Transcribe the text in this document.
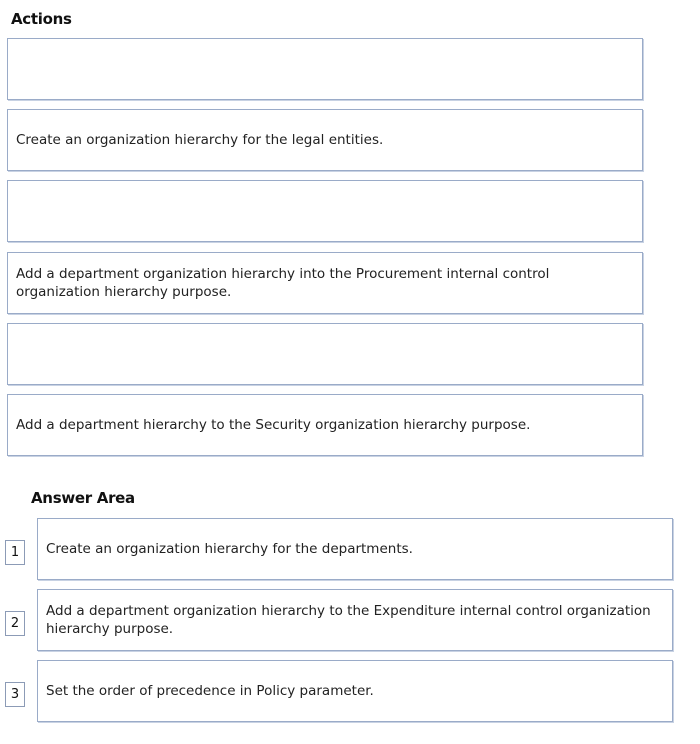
Actions
Create an organization hierarchy for the legal entities.
Add a department organization hierarchy into the Procurement internal control organization hierarchy purpose.
Add a department hierarchy to the Security organization hierarchy purpose.
Answer Area
1	Create an organization hierarchy for the departments.
2
Add a department organization hierarchy to the Expenditure internal control organization hierarchy purpose.
3	Set the order of precedence in Policy parameter.
